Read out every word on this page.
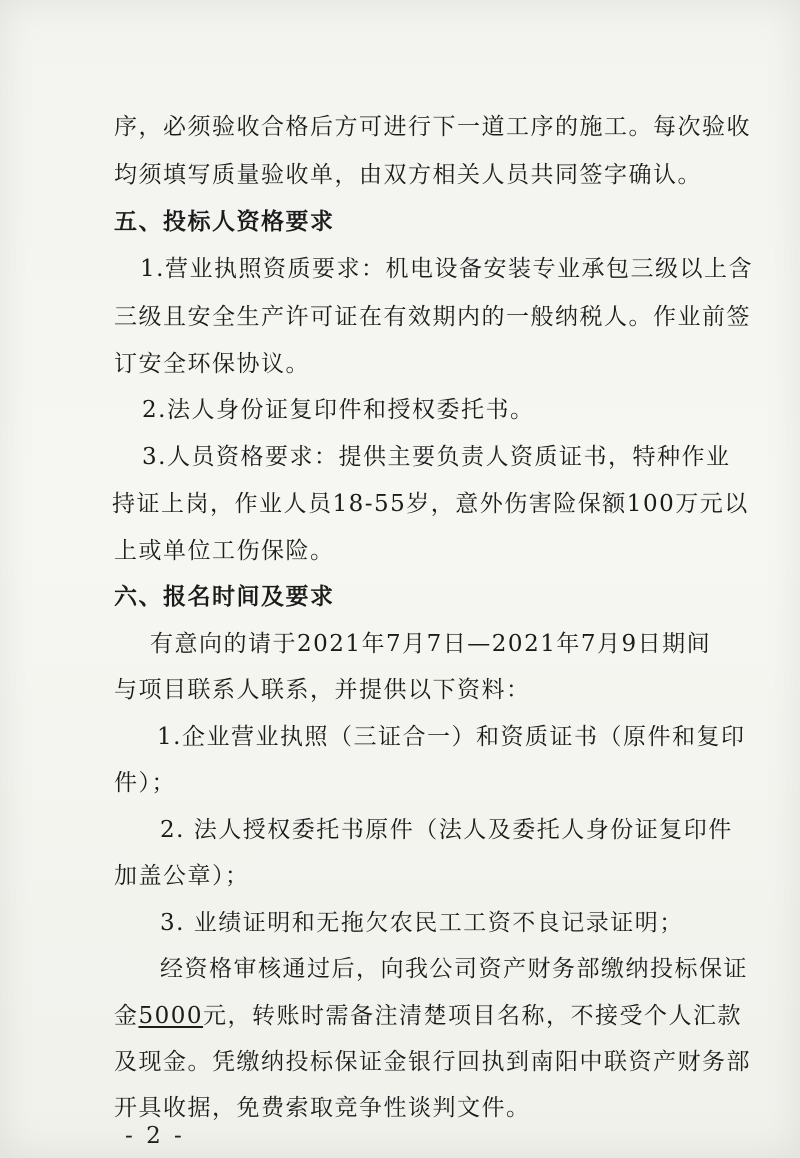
序，必须验收合格后方可进行下一道工序的施工。每次验收
均须填写质量验收单，由双方相关人员共同签字确认。
五、投标人资格要求
1.营业执照资质要求：机电设备安装专业承包三级以上含
三级且安全生产许可证在有效期内的一般纳税人。作业前签
订安全环保协议。
2.法人身份证复印件和授权委托书。
3.人员资格要求：提供主要负责人资质证书，特种作业
持证上岗，作业人员18-55岁，意外伤害险保额100万元以
上或单位工伤保险。
六、报名时间及要求
有意向的请于2021年7月7日—2021年7月9日期间
与项目联系人联系，并提供以下资料：
1.企业营业执照（三证合一）和资质证书（原件和复印
件）；
2. 法人授权委托书原件（法人及委托人身份证复印件
加盖公章）；
3. 业绩证明和无拖欠农民工工资不良记录证明；
经资格审核通过后，向我公司资产财务部缴纳投标保证
金5000元，转账时需备注清楚项目名称，不接受个人汇款
及现金。凭缴纳投标保证金银行回执到南阳中联资产财务部
开具收据，免费索取竞争性谈判文件。
- 2 -
